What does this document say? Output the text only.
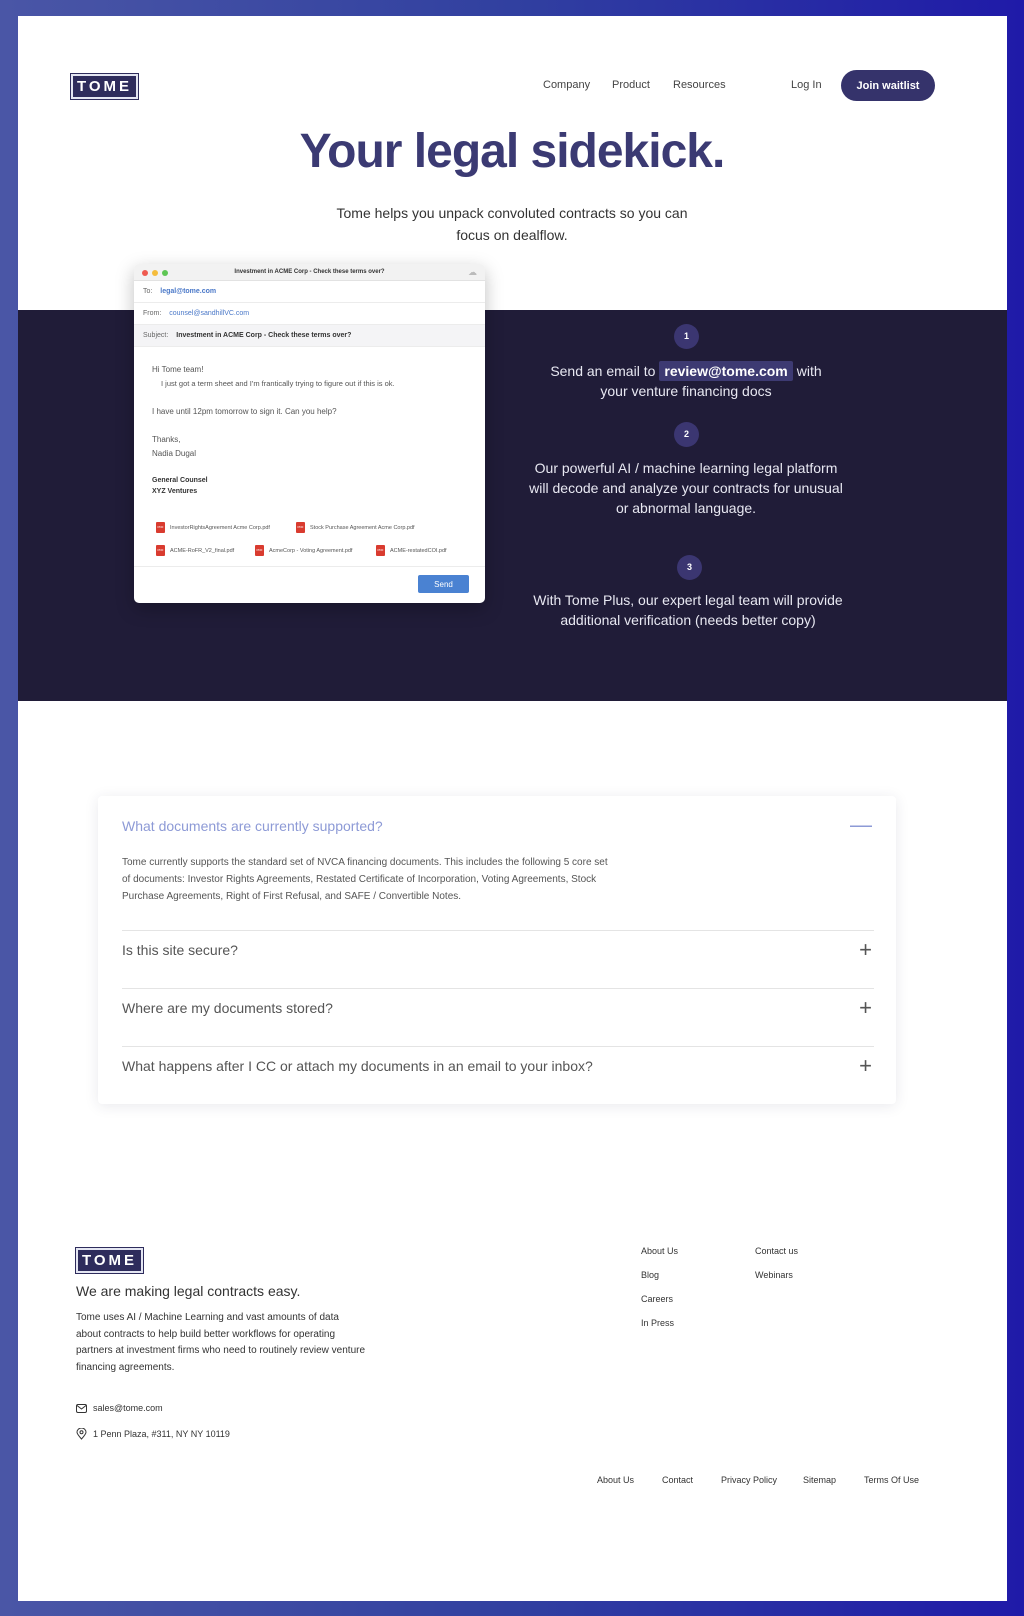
TOME	Company Product Resources	Log In	Join waitlist
Your legal sidekick.
Tome helps you unpack convoluted contracts so you can focus on dealflow.
Investment in ACME Corp - Check these terms over?	☁
To: legal@tome.com
From: counsel@sandhillVC.com
Subject: Investment in ACME Corp - Check these terms over?
Hi Tome team!
I just got a term sheet and I'm frantically trying to figure out if this is ok.
I have until 12pm tomorrow to sign it. Can you help?
Thanks,
Nadia Dugal
General Counsel
XYZ Ventures
PDF InvestorRightsAgreement Acme Corp.pdf	PDF Stock Purchase Agreement Acme Corp.pdf
PDF ACME-RoFR_V2_final.pdf	PDF AcmeCorp - Voting Agreement.pdf	PDF ACME-restatedCOI.pdf
Send
1
Send an email to review@tome.com with
your venture financing docs
2
Our powerful AI / machine learning legal platform will decode and analyze your contracts for unusual or abnormal language.
3
With Tome Plus, our expert legal team will provide additional verification (needs better copy)
What documents are currently supported?	—
Tome currently supports the standard set of NVCA financing documents. This includes the following 5 core set of documents: Investor Rights Agreements, Restated Certificate of Incorporation, Voting Agreements, Stock Purchase Agreements, Right of First Refusal, and SAFE / Convertible Notes.
Is this site secure?	+
Where are my documents stored?	+
What happens after I CC or attach my documents in an email to your inbox?	+
TOME
We are making legal contracts easy.
Tome uses AI / Machine Learning and vast amounts of data about contracts to help build better workflows for operating partners at investment firms who need to routinely review venture financing agreements.
sales@tome.com
1 Penn Plaza, #311, NY NY 10119
About Us
Blog
Careers
In Press
Contact us
Webinars
About Us	Contact	Privacy Policy	Sitemap	Terms Of Use
